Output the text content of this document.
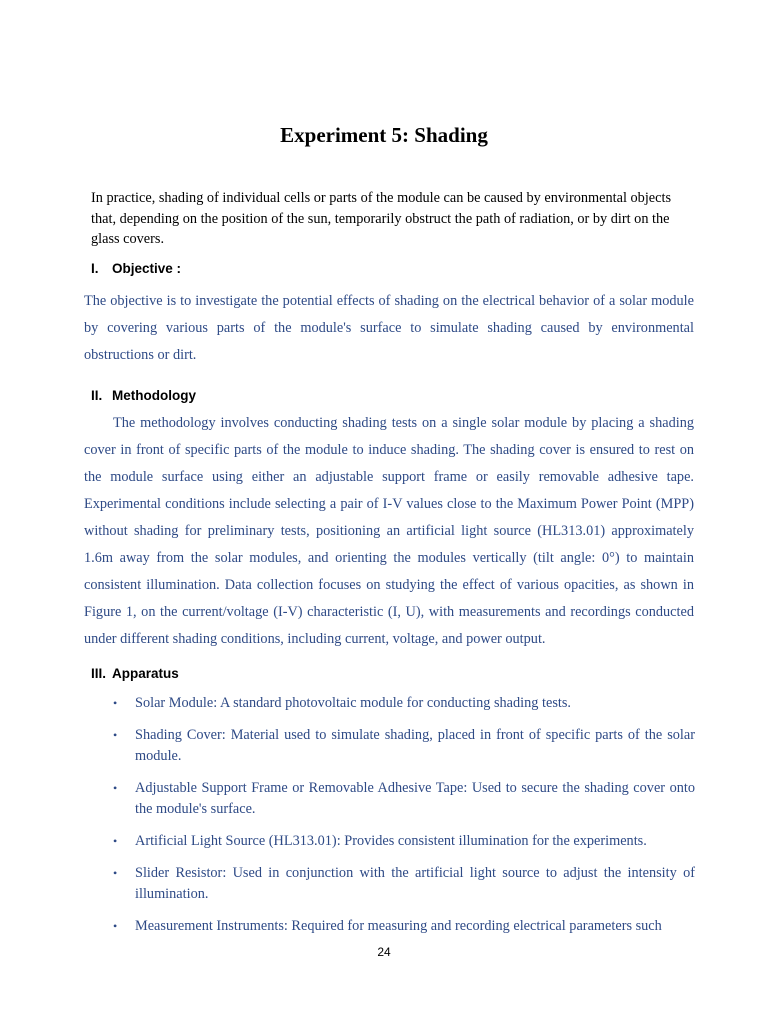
Experiment 5: Shading

In practice, shading of individual cells or parts of the module can be caused by environmental objects that, depending on the position of the sun, temporarily obstruct the path of radiation, or by dirt on the glass covers.

I. Objective :

The objective is to investigate the potential effects of shading on the electrical behavior of a solar module by covering various parts of the module's surface to simulate shading caused by environmental obstructions or dirt.

II. Methodology

The methodology involves conducting shading tests on a single solar module by placing a shading cover in front of specific parts of the module to induce shading. The shading cover is ensured to rest on the module surface using either an adjustable support frame or easily removable adhesive tape. Experimental conditions include selecting a pair of I-V values close to the Maximum Power Point (MPP) without shading for preliminary tests, positioning an artificial light source (HL313.01) approximately 1.6m away from the solar modules, and orienting the modules vertically (tilt angle: 0°) to maintain consistent illumination. Data collection focuses on studying the effect of various opacities, as shown in Figure 1, on the current/voltage (I-V) characteristic (I, U), with measurements and recordings conducted under different shading conditions, including current, voltage, and power output.

III. Apparatus
•	Solar Module: A standard photovoltaic module for conducting shading tests.
•	Shading Cover: Material used to simulate shading, placed in front of specific parts of the solar module.
•	Adjustable Support Frame or Removable Adhesive Tape: Used to secure the shading cover onto the module's surface.
•	Artificial Light Source (HL313.01): Provides consistent illumination for the experiments.
•	Slider Resistor: Used in conjunction with the artificial light source to adjust the intensity of illumination.
•	Measurement Instruments: Required for measuring and recording electrical parameters such
24
